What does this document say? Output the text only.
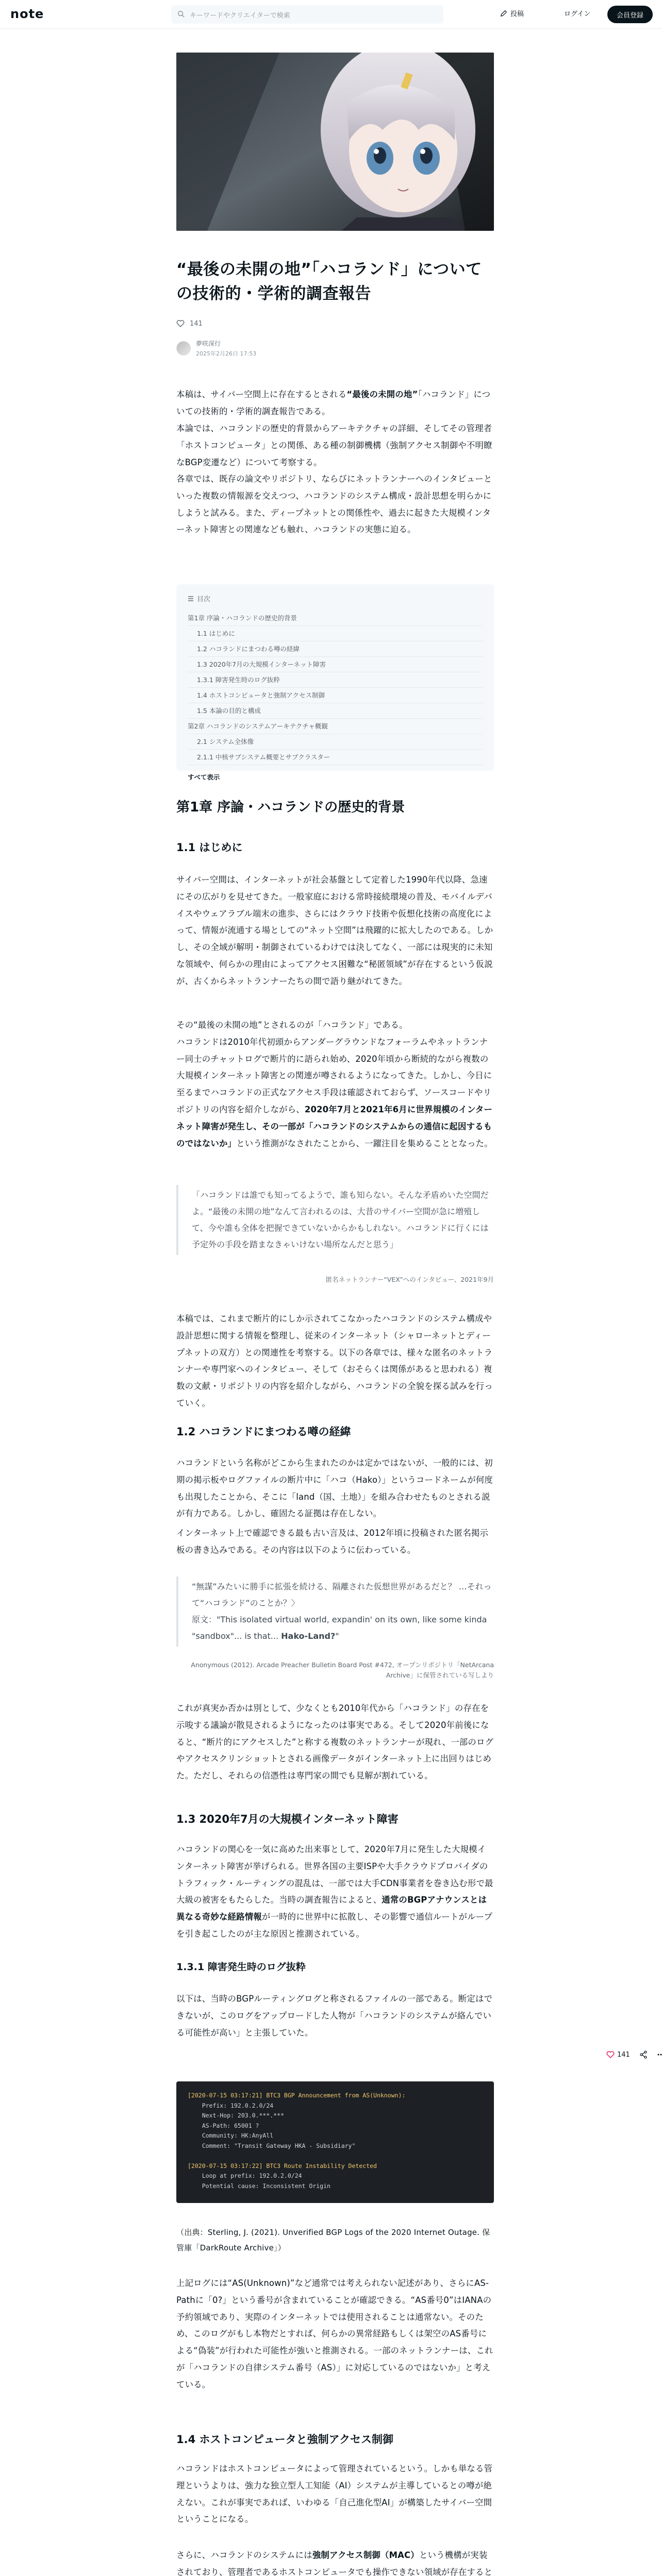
note	キーワードやクリエイターで検索	投稿	ログイン	会員登録
“最後の未開の地”「ハコランド」についての技術的・学術的調査報告
141
夢咲深行
2025年2月26日 17:53
本稿は、サイバー空間上に存在するとされる“最後の未開の地”「ハコランド」についての技術的・学術的調査報告である。
本論では、ハコランドの歴史的背景からアーキテクチャの詳細、そしてその管理者「ホストコンピュータ」との関係、ある種の制御機構（強制アクセス制御や不明瞭なBGP変遷など）について考察する。
各章では、既存の論文やリポジトリ、ならびにネットランナーへのインタビューといった複数の情報源を交えつつ、ハコランドのシステム構成・設計思想を明らかにしようと試みる。また、ディープネットとの関係性や、過去に起きた大規模インターネット障害との関連なども触れ、ハコランドの実態に迫る。
目次
第1章 序論・ハコランドの歴史的背景
1.1 はじめに
1.2 ハコランドにまつわる噂の経緯
1.3 2020年7月の大規模インターネット障害
1.3.1 障害発生時のログ抜粋
1.4 ホストコンピュータと強制アクセス制御
1.5 本論の目的と構成
第2章 ハコランドのシステムアーキテクチャ概観
2.1 システム全体像
2.1.1 中核サブシステム概要とサブクラスター
すべて表示
第1章 序論・ハコランドの歴史的背景
1.1 はじめに
サイバー空間は、インターネットが社会基盤として定着した1990年代以降、急速にその広がりを見せてきた。一般家庭における常時接続環境の普及、モバイルデバイスやウェアラブル端末の進歩、さらにはクラウド技術や仮想化技術の高度化によって、情報が流通する場としての“ネット空間”は飛躍的に拡大したのである。しかし、その全域が解明・制御されているわけでは決してなく、一部には現実的に未知な領域や、何らかの理由によってアクセス困難な“秘匿領域”が存在するという仮説が、古くからネットランナーたちの間で語り継がれてきた。
その“最後の未開の地”とされるのが「ハコランド」である。
ハコランドは2010年代初頭からアンダーグラウンドなフォーラムやネットランナー同士のチャットログで断片的に語られ始め、2020年頃から断続的ながら複数の大規模インターネット障害との関連が噂されるようになってきた。しかし、今日に至るまでハコランドの正式なアクセス手段は確認されておらず、ソースコードやリポジトリの内容を紹介しながら、2020年7月と2021年6月に世界規模のインターネット障害が発生し、その一部が「ハコランドのシステムからの通信に起因するものではないか」という推測がなされたことから、一躍注目を集めることとなった。
「ハコランドは誰でも知ってるようで、誰も知らない。そんな矛盾めいた空間だよ。“最後の未開の地”なんて言われるのは、大昔のサイバー空間が急に増殖して、今や誰も全体を把握できていないからかもしれない。ハコランドに行くには予定外の手段を踏まなきゃいけない場所なんだと思う」
匿名ネットランナー“VEX”へのインタビュー、2021年9月
本稿では、これまで断片的にしか示されてこなかったハコランドのシステム構成や設計思想に関する情報を整理し、従来のインターネット（シャローネットとディープネットの双方）との関連性を考察する。以下の各章では、様々な匿名のネットランナーや専門家へのインタビュー、そして（おそらくは関係があると思われる）複数の文献・リポジトリの内容を紹介しながら、ハコランドの全貌を探る試みを行っていく。
1.2 ハコランドにまつわる噂の経緯
ハコランドという名称がどこから生まれたのかは定かではないが、一般的には、初期の掲示板やログファイルの断片中に「ハコ（Hako）」というコードネームが何度も出現したことから、そこに「land（国、土地）」を組み合わせたものとされる説が有力である。しかし、確固たる証拠は存在しない。
インターネット上で確認できる最も古い言及は、2012年頃に投稿された匿名掲示板の書き込みである。その内容は以下のように伝わっている。
“無謀”みたいに勝手に拡張を続ける、隔離された仮想世界があるだと？ …それって“ハコランド”のことか？〉
原文："This isolated virtual world, expandin' on its own, like some kinda "sandbox"... is that... Hako-Land?"
Anonymous (2012). Arcade Preacher Bulletin Board Post #472, オープンリポジトリ「NetArcana Archive」に保管されている写しより
これが真実か否かは別として、少なくとも2010年代から「ハコランド」の存在を示唆する議論が散見されるようになったのは事実である。そして2020年前後になると、“断片的にアクセスした”と称する複数のネットランナーが現れ、一部のログやアクセスクリンショットとされる画像データがインターネット上に出回りはじめた。ただし、それらの信憑性は専門家の間でも見解が割れている。
1.3 2020年7月の大規模インターネット障害
ハコランドの関心を一気に高めた出来事として、2020年7月に発生した大規模インターネット障害が挙げられる。世界各国の主要ISPや大手クラウドプロバイダのトラフィック・ルーティングの混乱は、一部では大手CDN事業者を巻き込む形で最大級の被害をもたらした。当時の調査報告によると、通常のBGPアナウンスとは異なる奇妙な経路情報が一時的に世界中に拡散し、その影響で通信ルートがループを引き起こしたのが主な原因と推測されている。
1.3.1 障害発生時のログ抜粋
以下は、当時のBGPルーティングログと称されるファイルの一部である。断定はできないが、このログをアップロードした人物が「ハコランドのシステムが絡んでいる可能性が高い」と主張していた。
[2020-07-15 03:17:21] BTC3 BGP Announcement from AS(Unknown):
Prefix: 192.0.2.0/24
Next-Hop: 203.0.***.***
AS-Path: 65001 ?
Community: HK:AnyAll
Comment: "Transit Gateway HKA - Subsidiary"

[2020-07-15 03:17:22] BTC3 Route Instability Detected
Loop at prefix: 192.0.2.0/24
Potential cause: Inconsistent Origin
（出典：Sterling, J. (2021). Unverified BGP Logs of the 2020 Internet Outage. 保管庫「DarkRoute Archive」）
上記ログには“AS(Unknown)”など通常では考えられない記述があり、さらにAS-Pathに「0?」という番号が含まれていることが確認できる。“AS番号0”はIANAの予約領域であり、実際のインターネットでは使用されることは通常ない。そのため、このログがもし本物だとすれば、何らかの異常経路もしくは架空のAS番号による“偽装”が行われた可能性が強いと推測される。一部のネットランナーは、これが「ハコランドの自律システム番号（AS）」に対応しているのではないか」と考えている。
1.4 ホストコンピュータと強制アクセス制御
ハコランドはホストコンピュータによって管理されているという。しかも単なる管理というよりは、強力な独立型人工知能（AI）システムが主導しているとの噂が絶えない。これが事実であれば、いわゆる「自己進化型AI」が構築したサイバー空間ということになる。
さらに、ハコランドのシステムには強制アクセス制御（MAC）という機構が実装されており、管理者であるホストコンピュータでも操作できない領域が存在すると
141
